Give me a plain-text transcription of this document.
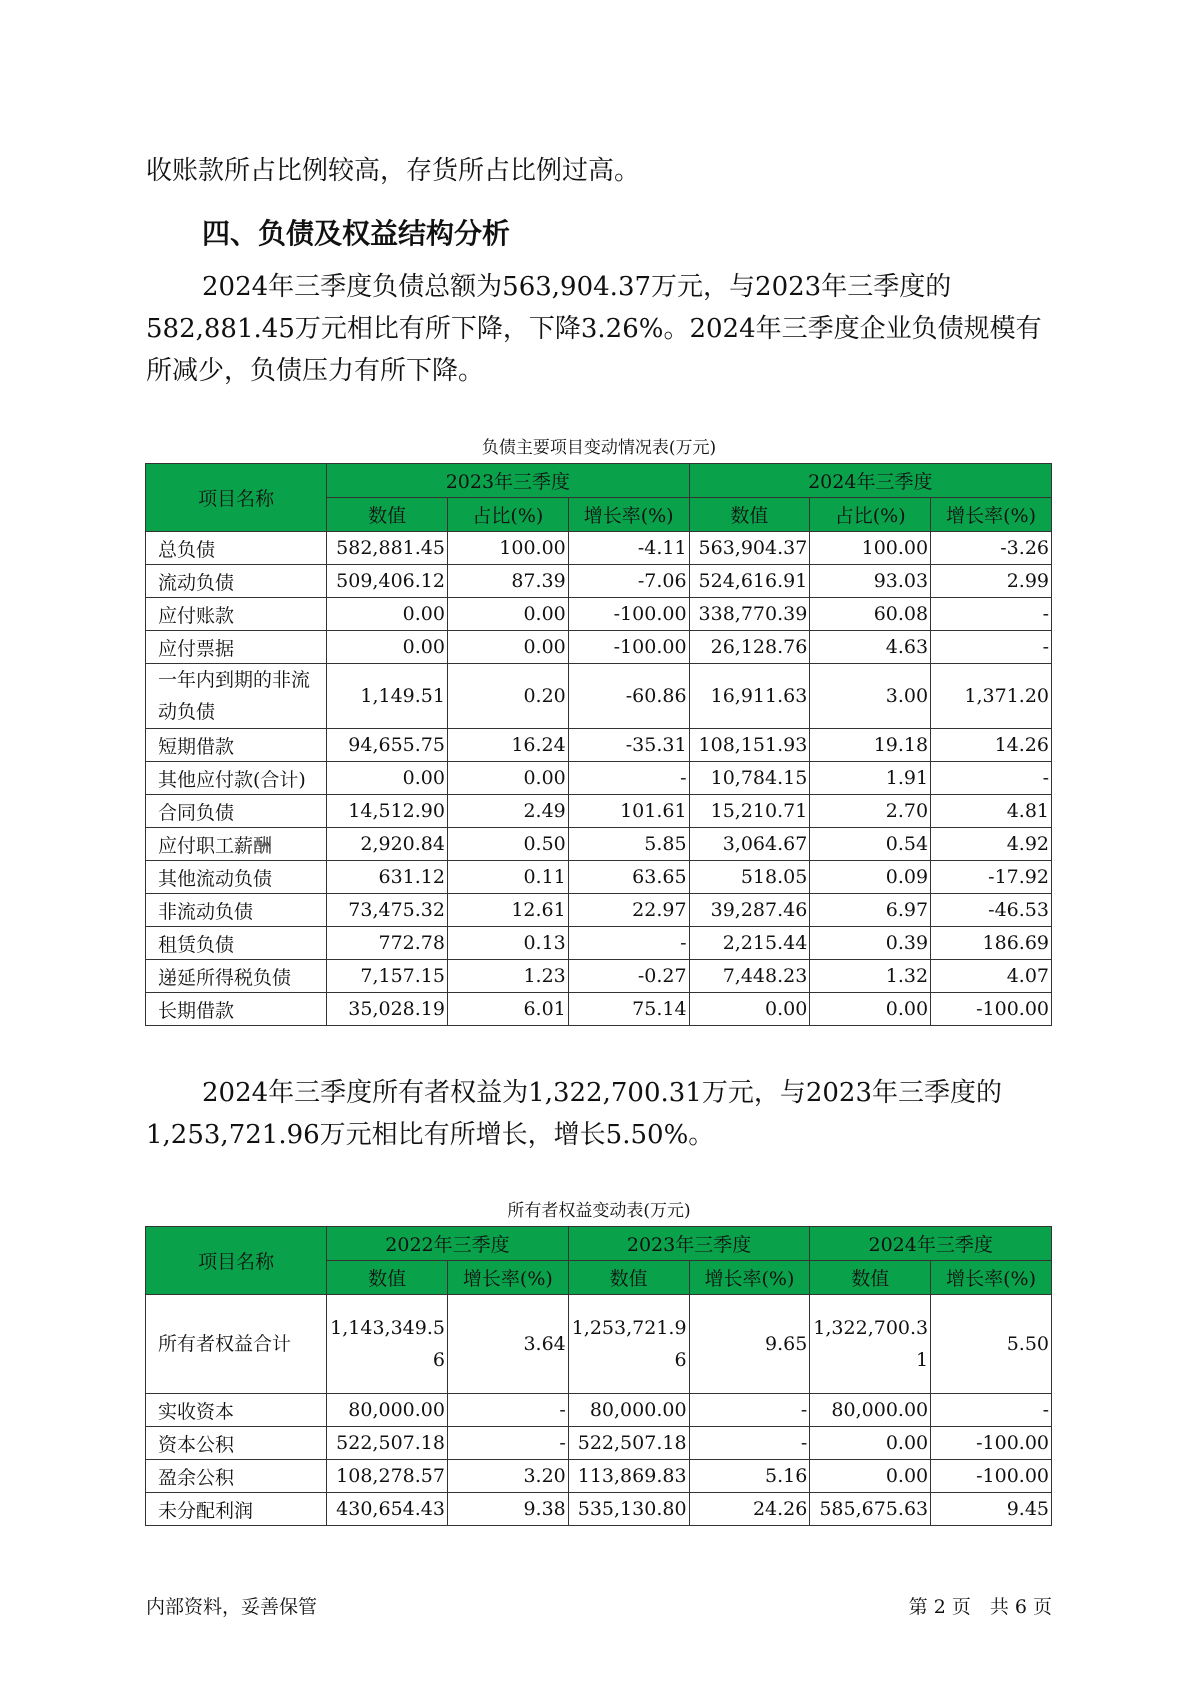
收账款所占比例较高，存货所占比例过高。

四、负债及权益结构分析

2024年三季度负债总额为563,904.37万元，与2023年三季度的582,881.45万元相比有所下降，下降3.26%。2024年三季度企业负债规模有所减少，负债压力有所下降。

负债主要项目变动情况表(万元)

项目名称	2023年三季度			2024年三季度		
	数值	占比(%)	增长率(%)	数值	占比(%)	增长率(%)
总负债	582,881.45	100.00	-4.11	563,904.37	100.00	-3.26
流动负债	509,406.12	87.39	-7.06	524,616.91	93.03	2.99
应付账款	0.00	0.00	-100.00	338,770.39	60.08	-
应付票据	0.00	0.00	-100.00	26,128.76	4.63	-
一年内到期的非流动负债	1,149.51	0.20	-60.86	16,911.63	3.00	1,371.20
短期借款	94,655.75	16.24	-35.31	108,151.93	19.18	14.26
其他应付款(合计)	0.00	0.00	-	10,784.15	1.91	-
合同负债	14,512.90	2.49	101.61	15,210.71	2.70	4.81
应付职工薪酬	2,920.84	0.50	5.85	3,064.67	0.54	4.92
其他流动负债	631.12	0.11	63.65	518.05	0.09	-17.92
非流动负债	73,475.32	12.61	22.97	39,287.46	6.97	-46.53
租赁负债	772.78	0.13	-	2,215.44	0.39	186.69
递延所得税负债	7,157.15	1.23	-0.27	7,448.23	1.32	4.07
长期借款	35,028.19	6.01	75.14	0.00	0.00	-100.00

2024年三季度所有者权益为1,322,700.31万元，与2023年三季度的1,253,721.96万元相比有所增长，增长5.50%。

所有者权益变动表(万元)

项目名称	2022年三季度		2023年三季度		2024年三季度	
	数值	增长率(%)	数值	增长率(%)	数值	增长率(%)
所有者权益合计	1,143,349.56	3.64	1,253,721.96	9.65	1,322,700.31	5.50
实收资本	80,000.00	-	80,000.00	-	80,000.00	-
资本公积	522,507.18	-	522,507.18	-	0.00	-100.00
盈余公积	108,278.57	3.20	113,869.83	5.16	0.00	-100.00
未分配利润	430,654.43	9.38	535,130.80	24.26	585,675.63	9.45

内部资料，妥善保管	第 2 页　共 6 页
